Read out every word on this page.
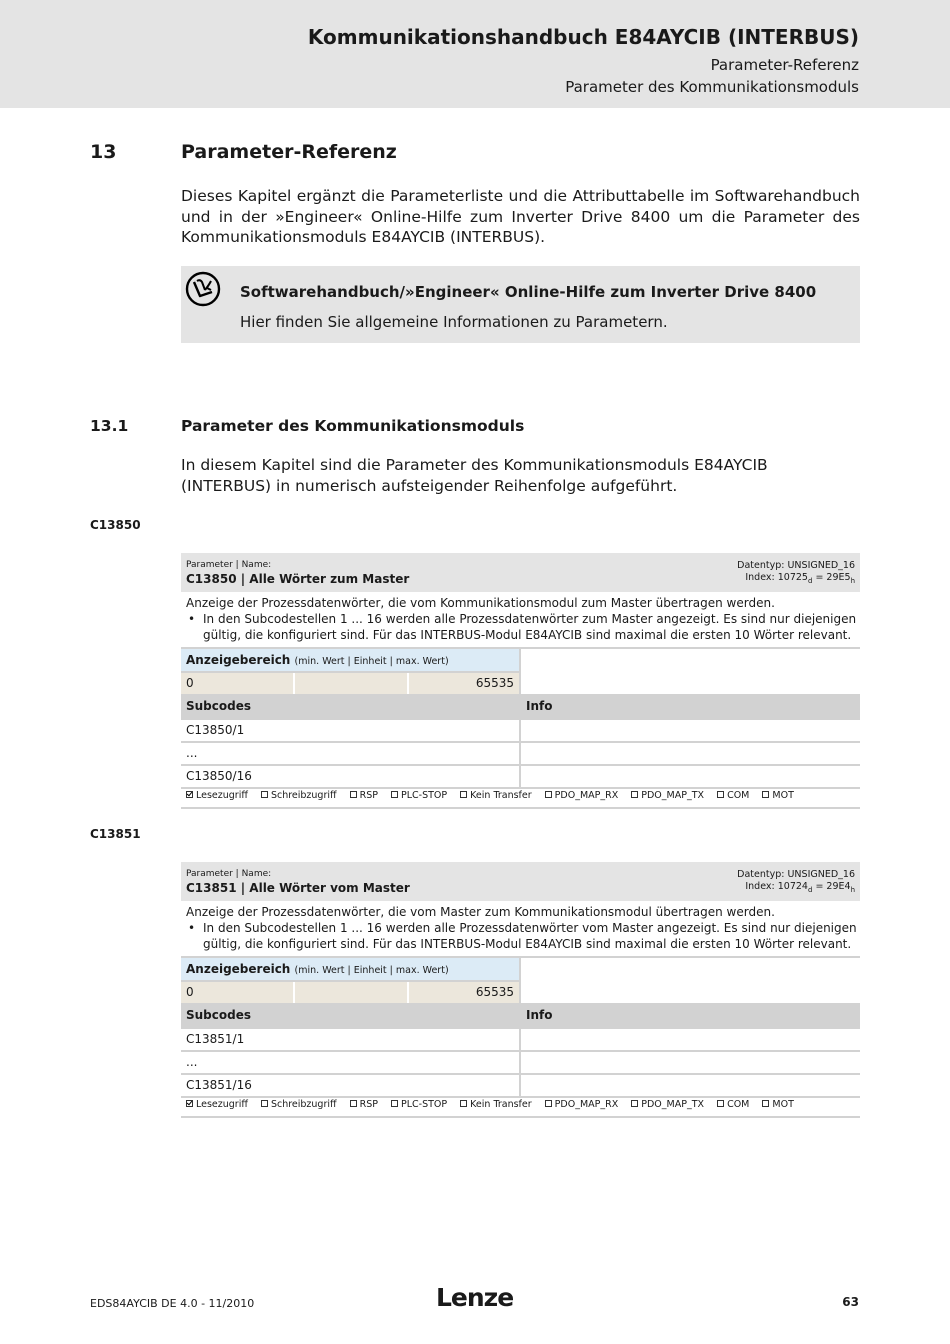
Kommunikationshandbuch E84AYCIB (INTERBUS)
Parameter-Referenz
Parameter des Kommunikationsmoduls
13	Parameter-Referenz
Dieses Kapitel ergänzt die Parameterliste und die Attributtabelle im Softwarehandbuch und in der »Engineer« Online-Hilfe zum Inverter Drive 8400 um die Parameter des Kommunikationsmoduls E84AYCIB (INTERBUS).
Softwarehandbuch/»Engineer« Online-Hilfe zum Inverter Drive 8400
Hier finden Sie allgemeine Informationen zu Parametern.
13.1	Parameter des Kommunikationsmoduls
In diesem Kapitel sind die Parameter des Kommunikationsmoduls E84AYCIB (INTERBUS) in numerisch aufsteigender Reihenfolge aufgeführt.
C13850
Parameter | Name:
C13850 | Alle Wörter zum Master
Datentyp: UNSIGNED_16
Index: $10725_d = 29E5_h$
Anzeige der Prozessdatenwörter, die vom Kommunikationsmodul zum Master übertragen werden.
• In den Subcodestellen 1 ... 16 werden alle Prozessdatenwörter zum Master angezeigt. Es sind nur diejenigen gültig, die konfiguriert sind. Für das INTERBUS-Modul E84AYCIB sind maximal die ersten 10 Wörter relevant.
Anzeigebereich (min. Wert | Einheit | max. Wert)
0	65535
Subcodes	Info
C13850/1
...
C13850/16
Lesezugriff Schreibzugriff RSP PLC-STOP Kein Transfer PDO_MAP_RX PDO_MAP_TX COM MOT
C13851
Parameter | Name:
C13851 | Alle Wörter vom Master
Datentyp: UNSIGNED_16
Index: $10724_d = 29E4_h$
Anzeige der Prozessdatenwörter, die vom Master zum Kommunikationsmodul übertragen werden.
• In den Subcodestellen 1 ... 16 werden alle Prozessdatenwörter vom Master angezeigt. Es sind nur diejenigen gültig, die konfiguriert sind. Für das INTERBUS-Modul E84AYCIB sind maximal die ersten 10 Wörter relevant.
Anzeigebereich (min. Wert | Einheit | max. Wert)
0	65535
Subcodes	Info
C13851/1
...
C13851/16
Lesezugriff Schreibzugriff RSP PLC-STOP Kein Transfer PDO_MAP_RX PDO_MAP_TX COM MOT
EDS84AYCIB DE 4.0 - 11/2010	Lenze	63
